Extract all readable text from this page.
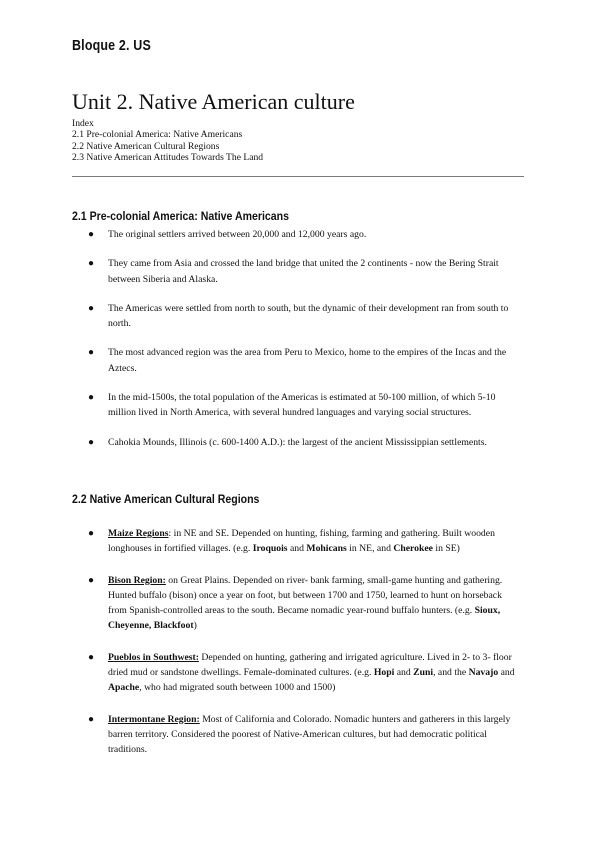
Bloque 2. US
Unit 2. Native American culture
Index
2.1 Pre-colonial America: Native Americans
2.2 Native American Cultural Regions
2.3 Native American Attitudes Towards The Land
2.1 Pre-colonial America: Native Americans
● The original settlers arrived between 20,000 and 12,000 years ago.
● They came from Asia and crossed the land bridge that united the 2 continents - now the Bering Strait between Siberia and Alaska.
● The Americas were settled from north to south, but the dynamic of their development ran from south to north.
● The most advanced region was the area from Peru to Mexico, home to the empires of the Incas and the Aztecs.
● In the mid-1500s, the total population of the Americas is estimated at 50-100 million, of which 5-10 million lived in North America, with several hundred languages and varying social structures.
● Cahokia Mounds, Illinois (c. 600-1400 A.D.): the largest of the ancient Mississippian settlements.
2.2 Native American Cultural Regions
● Maize Regions: in NE and SE. Depended on hunting, fishing, farming and gathering. Built wooden longhouses in fortified villages. (e.g. Iroquois and Mohicans in NE, and Cherokee in SE)
● Bison Region: on Great Plains. Depended on river- bank farming, small-game hunting and gathering. Hunted buffalo (bison) once a year on foot, but between 1700 and 1750, learned to hunt on horseback from Spanish-controlled areas to the south. Became nomadic year-round buffalo hunters. (e.g. Sioux, Cheyenne, Blackfoot)
● Pueblos in Southwest: Depended on hunting, gathering and irrigated agriculture. Lived in 2- to 3- floor dried mud or sandstone dwellings. Female-dominated cultures. (e.g. Hopi and Zuni, and the Navajo and Apache, who had migrated south between 1000 and 1500)
● Intermontane Region: Most of California and Colorado. Nomadic hunters and gatherers in this largely barren territory. Considered the poorest of Native-American cultures, but had democratic political traditions.
